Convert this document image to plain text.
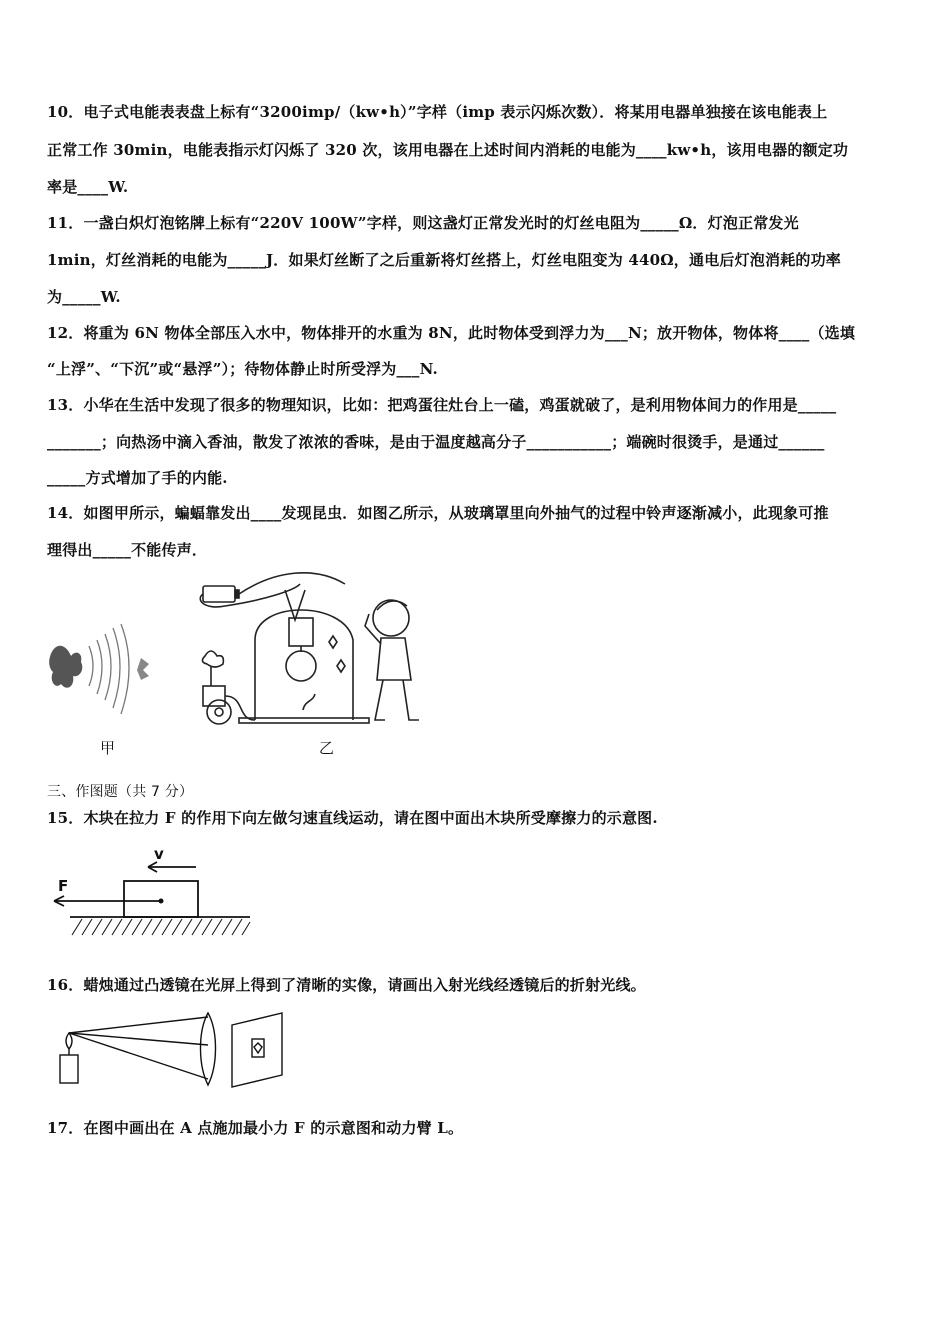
10．电子式电能表表盘上标有“3200imp/（kw•h）”字样（imp 表示闪烁次数）．将某用电器单独接在该电能表上
正常工作 30min，电能表指示灯闪烁了 320 次，该用电器在上述时间内消耗的电能为____kw•h，该用电器的额定功
率是____W.
11．一盏白炽灯泡铭牌上标有“220V 100W”字样，则这盏灯正常发光时的灯丝电阻为_____Ω．灯泡正常发光
1min，灯丝消耗的电能为_____J．如果灯丝断了之后重新将灯丝搭上，灯丝电阻变为 440Ω，通电后灯泡消耗的功率
为_____W.
12．将重为 6N 物体全部压入水中，物体排开的水重为 8N，此时物体受到浮力为___N；放开物体，物体将____（选填
“上浮”、“下沉”或“悬浮”）；待物体静止时所受浮为___N.
13．小华在生活中发现了很多的物理知识，比如：把鸡蛋往灶台上一磕，鸡蛋就破了，是利用物体间力的作用是_____
_______；向热汤中滴入香油，散发了浓浓的香味，是由于温度越高分子___________；端碗时很烫手，是通过______
_____方式增加了手的内能.
14．如图甲所示，蝙蝠靠发出____发现昆虫．如图乙所示，从玻璃罩里向外抽气的过程中铃声逐渐减小，此现象可推
理得出_____不能传声．
甲	乙
三、作图题（共 7 分）
15．木块在拉力 F 的作用下向左做匀速直线运动，请在图中面出木块所受摩擦力的示意图.
v
F
16．蜡烛通过凸透镜在光屏上得到了清晰的实像，请画出入射光线经透镜后的折射光线。
17．在图中画出在 A 点施加最小力 F 的示意图和动力臂 L。
